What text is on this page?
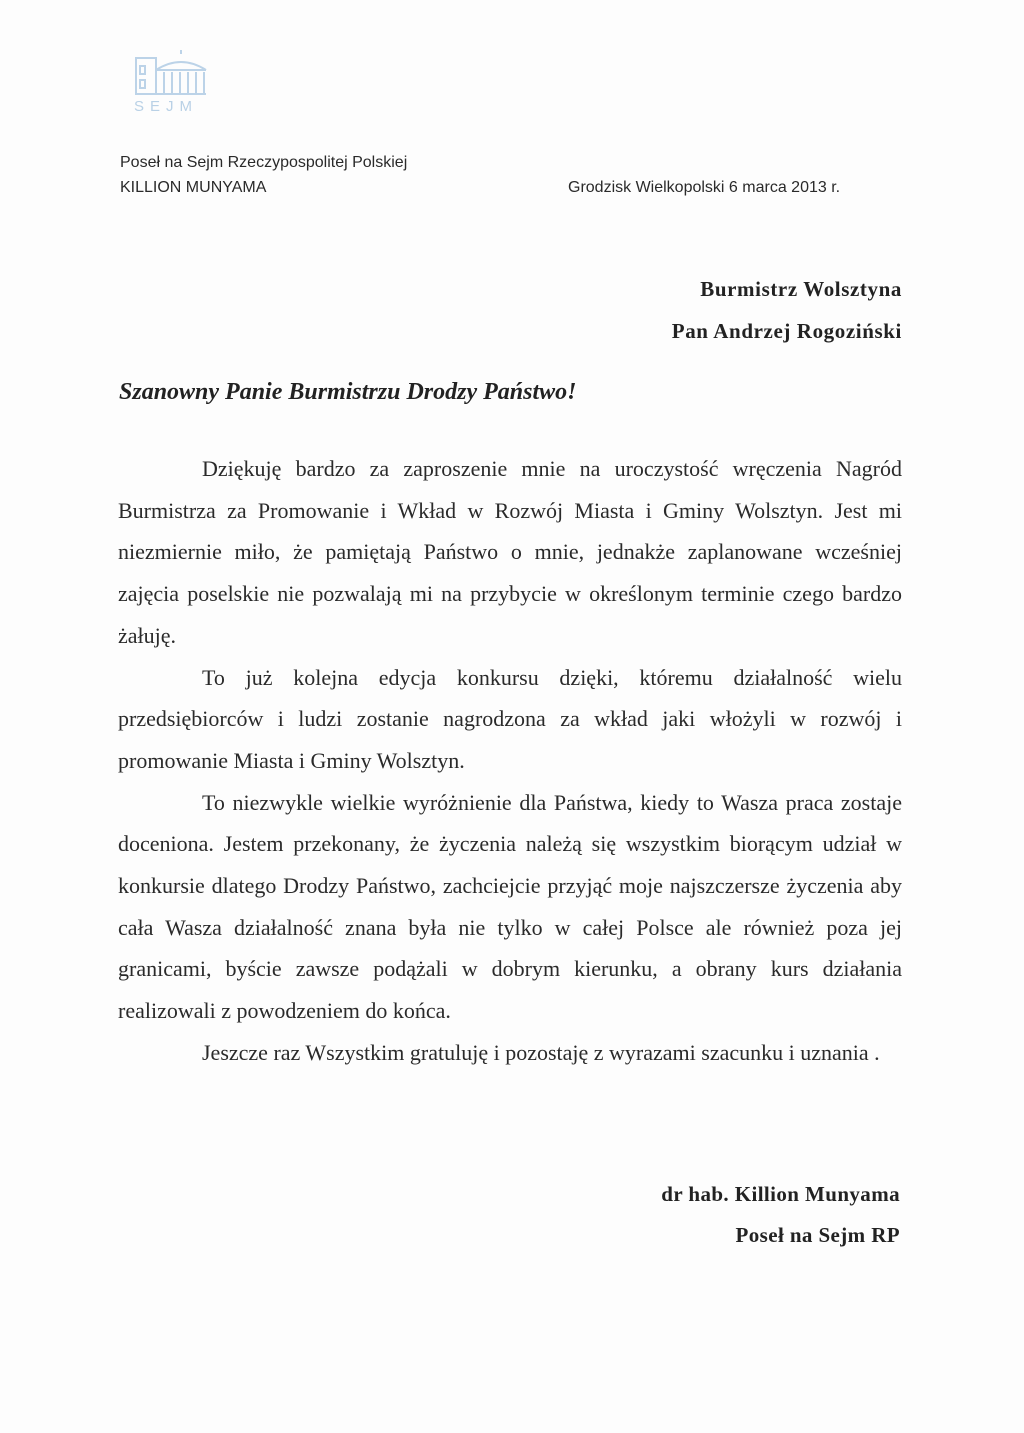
SEJM
Poseł na Sejm Rzeczypospolitej Polskiej
KILLION MUNYAMA	Grodzisk Wielkopolski 6 marca 2013 r.
Burmistrz Wolsztyna
Pan Andrzej Rogoziński
Szanowny Panie Burmistrzu Drodzy Państwo!

Dziękuję bardzo za zaproszenie mnie na uroczystość wręczenia Nagród Burmistrza za Promowanie i Wkład w Rozwój Miasta i Gminy Wolsztyn. Jest mi niezmiernie miło, że pamiętają Państwo o mnie, jednakże zaplanowane wcześniej zajęcia poselskie nie pozwalają mi na przybycie w określonym terminie czego bardzo żałuję.

To już kolejna edycja konkursu dzięki, któremu działalność wielu przedsiębiorców i ludzi zostanie nagrodzona za wkład jaki włożyli w rozwój i promowanie Miasta i Gminy Wolsztyn.

To niezwykle wielkie wyróżnienie dla Państwa, kiedy to Wasza praca zostaje doceniona. Jestem przekonany, że życzenia należą się wszystkim biorącym udział w konkursie dlatego Drodzy Państwo, zachciejcie przyjąć moje najszczersze życzenia aby cała Wasza działalność znana była nie tylko w całej Polsce ale również poza jej granicami, byście zawsze podążali w dobrym kierunku, a obrany kurs działania realizowali z powodzeniem do końca.

Jeszcze raz Wszystkim gratuluję i pozostaję z wyrazami szacunku i uznania .

dr hab. Killion Munyama
Poseł na Sejm RP
